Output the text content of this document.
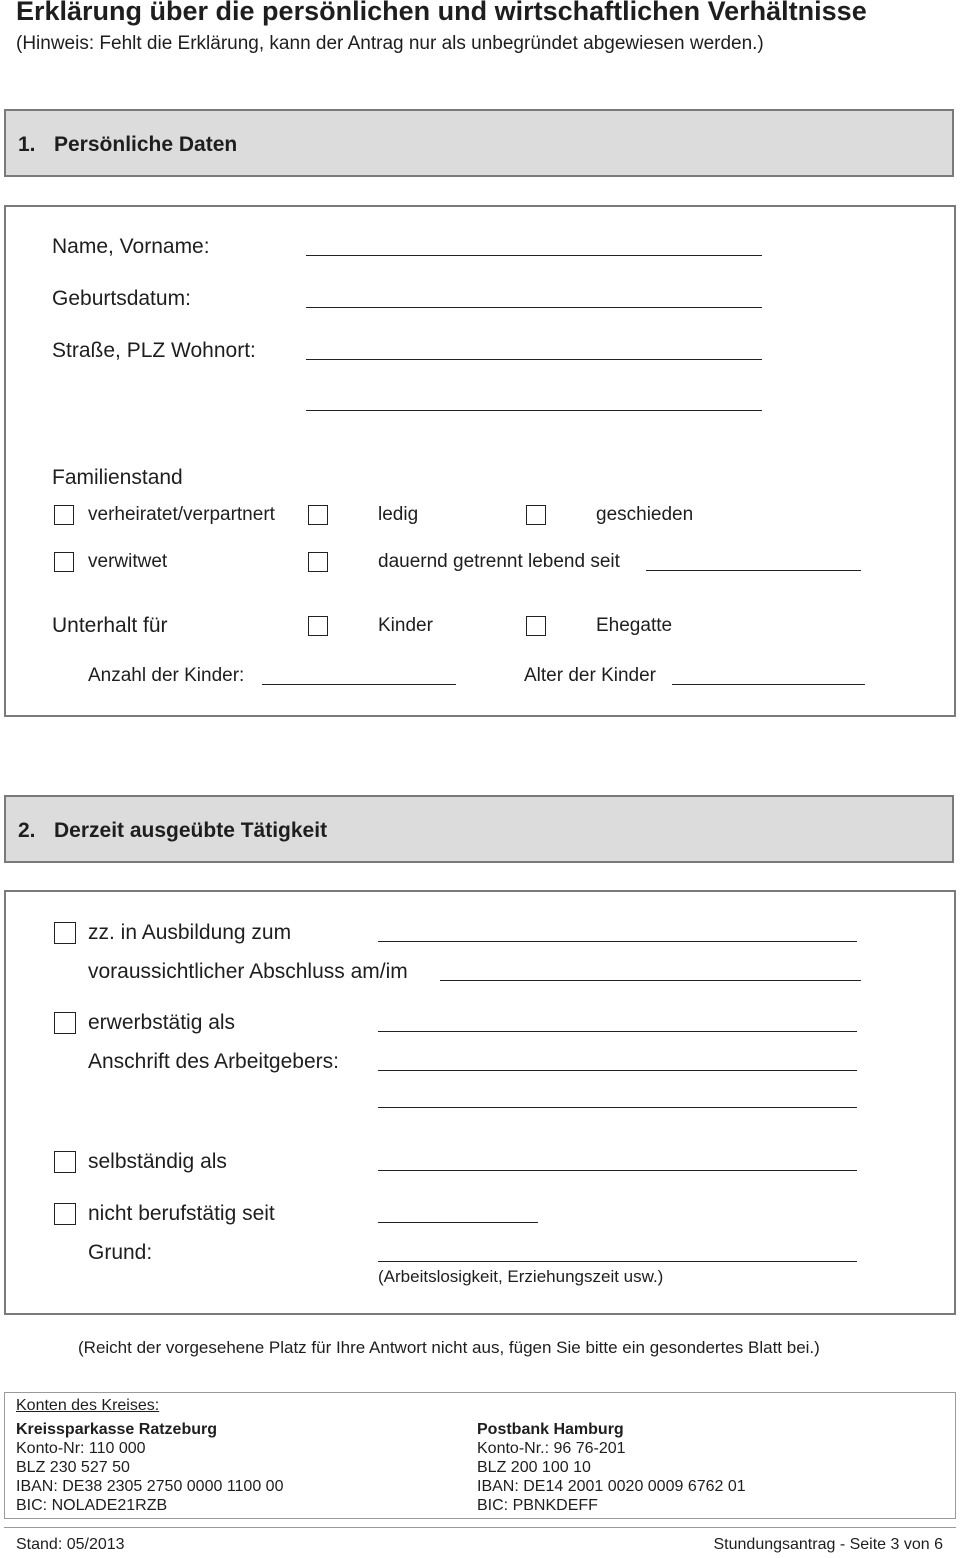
Erklärung über die persönlichen und wirtschaftlichen Verhältnisse
(Hinweis: Fehlt die Erklärung, kann der Antrag nur als unbegründet abgewiesen werden.)
1. Persönliche Daten
Name, Vorname:
Geburtsdatum:
Straße, PLZ Wohnort:
Familienstand
verheiratet/verpartnert	ledig	geschieden
verwitwet	dauernd getrennt lebend seit
Unterhalt für	Kinder	Ehegatte
Anzahl der Kinder:	Alter der Kinder
2. Derzeit ausgeübte Tätigkeit
zz. in Ausbildung zum
voraussichtlicher Abschluss am/im
erwerbstätig als
Anschrift des Arbeitgebers:
selbständig als
nicht berufstätig seit
Grund:
(Arbeitslosigkeit, Erziehungszeit usw.)
(Reicht der vorgesehene Platz für Ihre Antwort nicht aus, fügen Sie bitte ein gesondertes Blatt bei.)
Konten des Kreises:
Kreissparkasse Ratzeburg
Konto-Nr: 110 000
BLZ 230 527 50
IBAN: DE38 2305 2750 0000 1100 00
BIC: NOLADE21RZB
Postbank Hamburg
Konto-Nr.: 96 76-201
BLZ 200 100 10
IBAN: DE14 2001 0020 0009 6762 01
BIC: PBNKDEFF
Stand: 05/2013	Stundungsantrag - Seite 3 von 6
